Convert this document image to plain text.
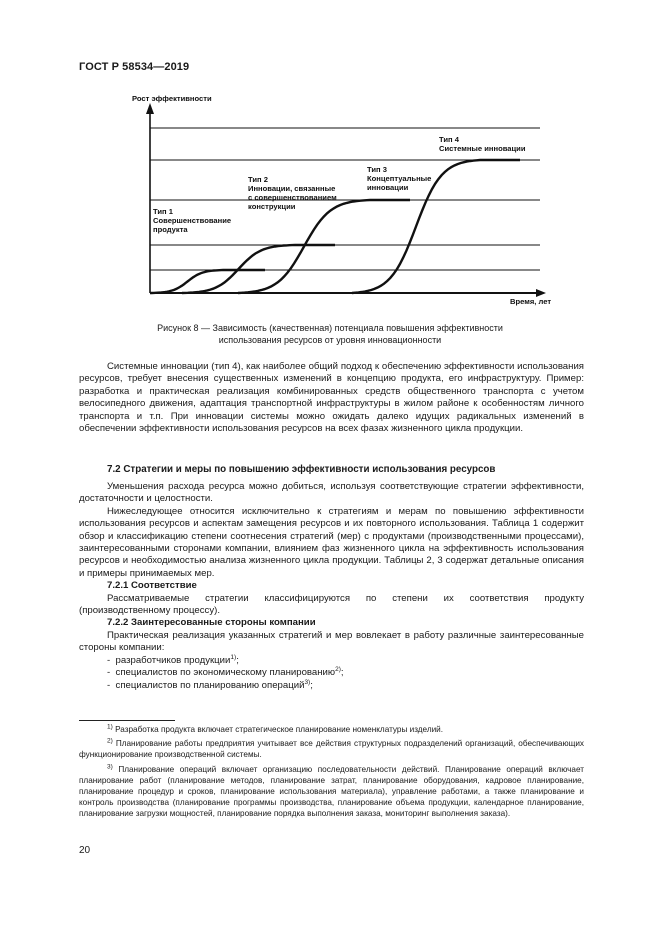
ГОСТ Р 58534—2019
Рост эффективности
Время, лет
Тип 1 Совершенствование продукта
Тип 2 Инновации, связанные с совершенствованием конструкции
Тип 3 Концептуальные инновации
Тип 4 Системные инновации
Рисунок 8 — Зависимость (качественная) потенциала повышения эффективности
использования ресурсов от уровня инновационности

Системные инновации (тип 4), как наиболее общий подход к обеспечению эффективности использования ресурсов, требует внесения существенных изменений в концепцию продукта, его инфраструктуру. Пример: разработка и практическая реализация комбинированных средств общественного транспорта с учетом велосипедного движения, адаптация транспортной инфраструктуры в жилом районе к особенностям личного транспорта и т.п. При инновации системы можно ожидать далеко идущих радикальных изменений в обеспечении эффективности использования ресурсов на всех фазах жизненного цикла продукции.

7.2 Стратегии и меры по повышению эффективности использования ресурсов

Уменьшения расхода ресурса можно добиться, используя соответствующие стратегии эффективности, достаточности и целостности.

Нижеследующее относится исключительно к стратегиям и мерам по повышению эффективности использования ресурсов и аспектам замещения ресурсов и их повторного использования. Таблица 1 содержит обзор и классификацию степени соотнесения стратегий (мер) с продуктами (производственными процессами), заинтересованными сторонами компании, влиянием фаз жизненного цикла на эффективность использования ресурсов и необходимостью анализа жизненного цикла продукции. Таблицы 2, 3 содержат детальные описания и примеры принимаемых мер.

7.2.1 Соответствие

Рассматриваемые стратегии классифицируются по степени их соответствия продукту (производственному процессу).

7.2.2 Заинтересованные стороны компании

Практическая реализация указанных стратегий и мер вовлекает в работу различные заинтересованные стороны компании:

-  разработчиков продукции$^{1)}$;
-  специалистов по экономическому планированию$^{2)}$;
-  специалистов по планированию операций$^{3)}$;

$^{1)}$ Разработка продукта включает стратегическое планирование номенклатуры изделий.

$^{2)}$ Планирование работы предприятия учитывает все действия структурных подразделений организаций, обеспечивающих функционирование производственной системы.

$^{3)}$ Планирование операций включает организацию последовательности действий. Планирование операций включает планирование работ (планирование методов, планирование затрат, планирование оборудования, кадровое планирование, планирование процедур и сроков, планирование использования материала), управление работами, а также планирование и контроль производства (планирование программы производства, планирование объема продукции, календарное планирование, планирование загрузки мощностей, планирование порядка выполнения заказа, мониторинг выполнения заказа).

20
